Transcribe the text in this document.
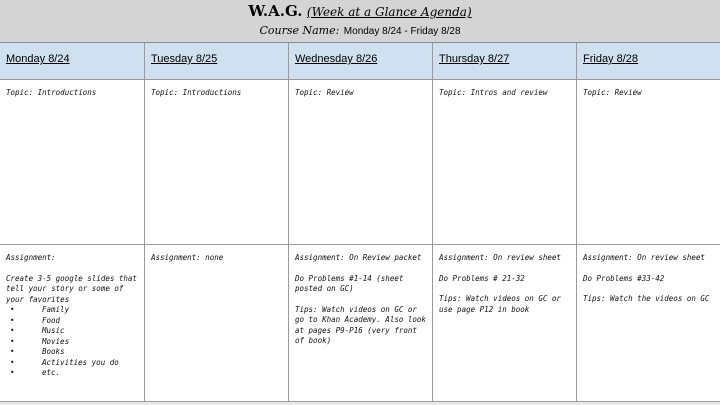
W.A.G. (Week at a Glance Agenda)
Course Name: Monday 8/24 - Friday 8/28
Monday 8/24
Topic: Introductions
Assignment:
Create 3-5 google slides that tell your story or some of your favorites
• Family
• Food
• Music
• Movies
• Books
• Activities you do
• etc.
Tuesday 8/25
Topic: Introductions
Assignment: none
Wednesday 8/26
Topic: Review
Assignment: On Review packet
Do Problems #1-14 (sheet posted on GC)
Tips: Watch videos on GC or go to Khan Academy. Also look at pages P9-P16 (very front of book)
Thursday 8/27
Topic: Intros and review
Assignment: On review sheet
Do Problems # 21-32
Tips: Watch videos on GC or use page P12 in book
Friday 8/28
Topic: Review
Assignment: On review sheet
Do Problems #33-42
Tips: Watch the videos on GC
